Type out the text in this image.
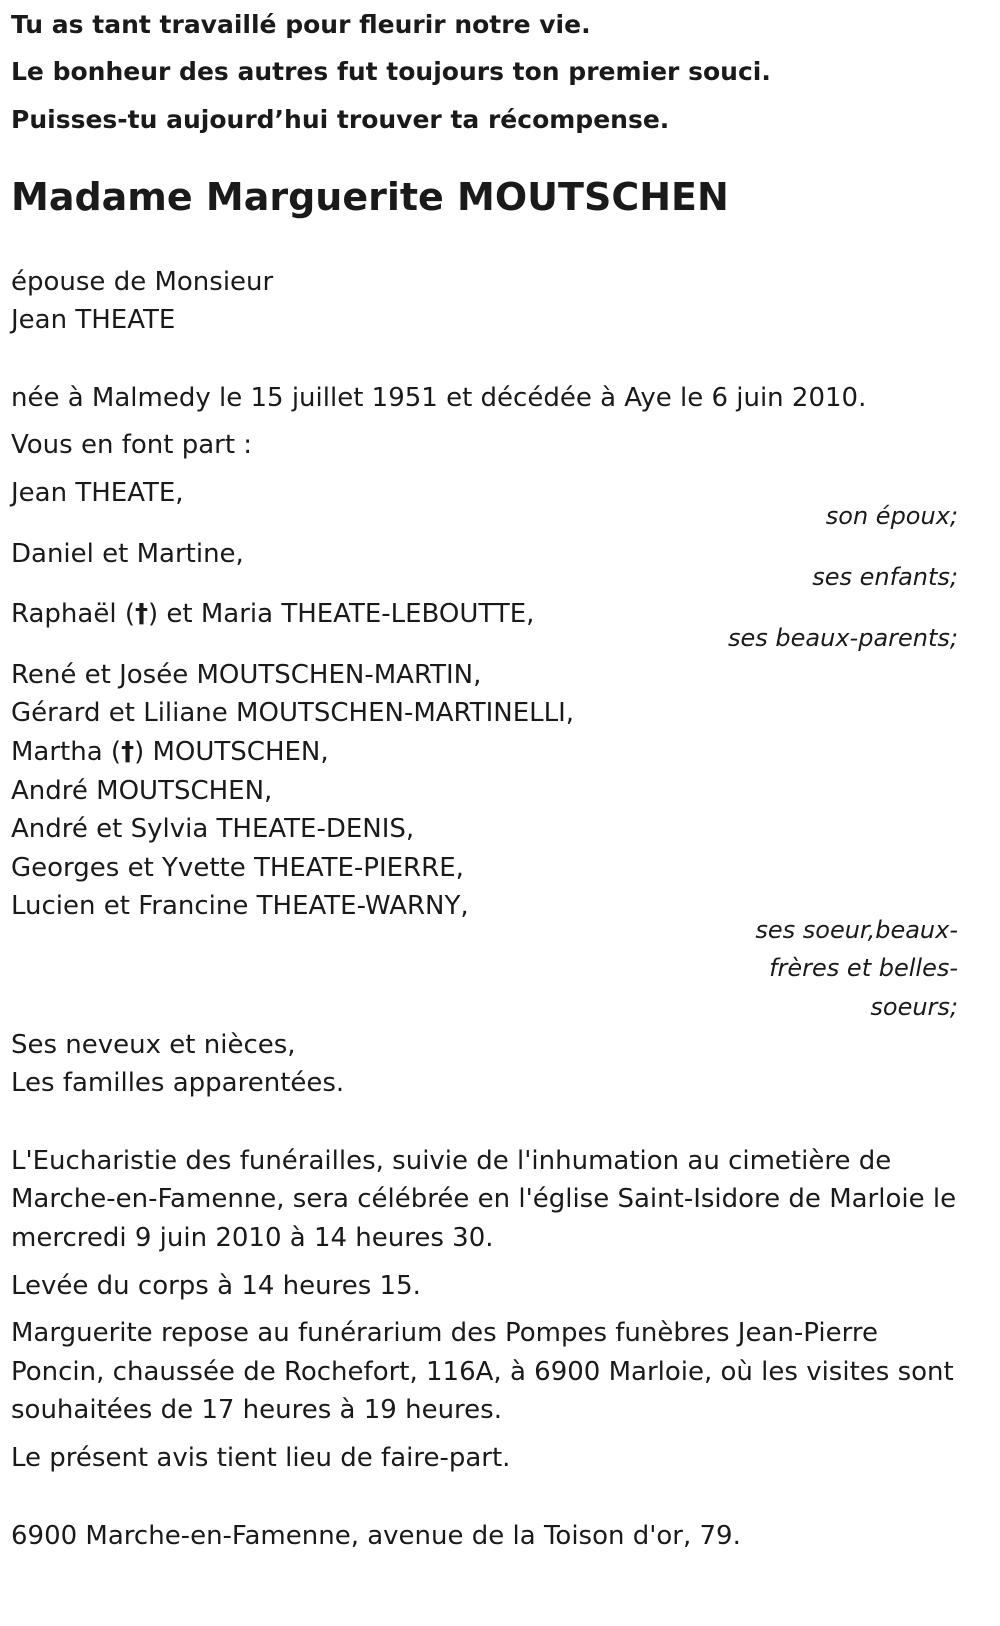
Tu as tant travaillé pour fleurir notre vie.
Le bonheur des autres fut toujours ton premier souci.
Puisses-tu aujourd’hui trouver ta récompense.
Madame Marguerite MOUTSCHEN
épouse de Monsieur
Jean THEATE
née à Malmedy le 15 juillet 1951 et décédée à Aye le 6 juin 2010.
Vous en font part :
Jean THEATE,
son époux;
Daniel et Martine,
ses enfants;
Raphaël (†) et Maria THEATE-LEBOUTTE,
ses beaux-parents;
René et Josée MOUTSCHEN-MARTIN,
Gérard et Liliane MOUTSCHEN-MARTINELLI,
Martha (†) MOUTSCHEN,
André MOUTSCHEN,
André et Sylvia THEATE-DENIS,
Georges et Yvette THEATE-PIERRE,
Lucien et Francine THEATE-WARNY,
ses soeur,beaux-
frères et belles-
soeurs;
Ses neveux et nièces,
Les familles apparentées.
L'Eucharistie des funérailles, suivie de l'inhumation au cimetière de
Marche-en-Famenne, sera célébrée en l'église Saint-Isidore de Marloie le
mercredi 9 juin 2010 à 14 heures 30.
Levée du corps à 14 heures 15.
Marguerite repose au funérarium des Pompes funèbres Jean-Pierre
Poncin, chaussée de Rochefort, 116A, à 6900 Marloie, où les visites sont
souhaitées de 17 heures à 19 heures.
Le présent avis tient lieu de faire-part.
6900 Marche-en-Famenne, avenue de la Toison d'or, 79.
